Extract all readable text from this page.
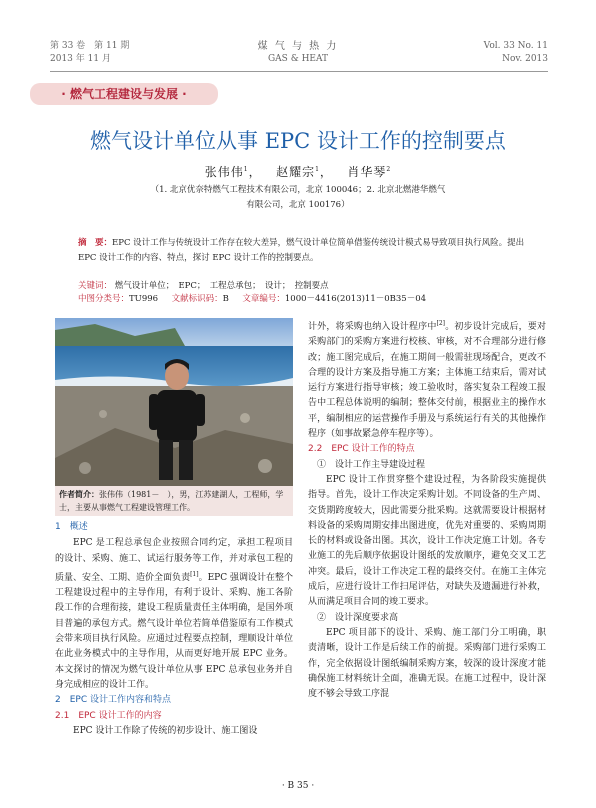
第 33 卷　第 11 期
2013 年 11 月
煤 气 与 热 力
GAS & HEAT
Vol. 33 No. 11
Nov. 2013
· 燃气工程建设与发展 ·
燃气设计单位从事 EPC 设计工作的控制要点
张伟伟$^1$，   赵耀宗$^1$，   肖华琴$^2$
（1. 北京优奈特燃气工程技术有限公司，北京 100046；2. 北京北燃港华燃气
有限公司，北京 100176）
摘　要：EPC 设计工作与传统设计工作存在较大差异，燃气设计单位简单借鉴传统设计模式易导致项目执行风险。提出 EPC 设计工作的内容、特点，探讨 EPC 设计工作的控制要点。
关键词： 燃气设计单位；　EPC；　工程总承包；　设计；　控制要点
中图分类号：TU996 文献标识码：B 文章编号：1000－4416(2013)11－0B35－04
作者简介：张伟伟（1981－　），男，江苏建湖人，工程师，学士，主要从事燃气工程建设管理工作。
1　概述

EPC 是工程总承包企业按照合同约定，承担工程项目的设计、采购、施工、试运行服务等工作，并对承包工程的质量、安全、工期、造价全面负责[1]。EPC 强调设计在整个工程建设过程中的主导作用，有利于设计、采购、施工各阶段工作的合理衔接，建设工程质量责任主体明确，是国外项目普遍的承包方式。燃气设计单位若简单借鉴原有工作模式会带来项目执行风险。应通过过程要点控制，理顺设计单位在此业务模式中的主导作用，从而更好地开展 EPC 业务。本文探讨的情况为燃气设计单位从事 EPC 总承包业务并自身完成相应的设计工作。

2　EPC 设计工作内容和特点
2.1　EPC 设计工作的内容

EPC 设计工作除了传统的初步设计、施工图设

计外，将采购也纳入设计程序中[2]。初步设计完成后，要对采购部门的采购方案进行校核、审核，对不合理部分进行修改；施工图完成后，在施工期间一般需驻现场配合，更改不合理的设计方案及指导施工方案；主体施工结束后，需对试运行方案进行指导审核；竣工验收时，落实复杂工程竣工报告中工程总体说明的编制；整体交付前，根据业主的操作水平，编制相应的运营操作手册及与系统运行有关的其他操作程序（如事故紧急停车程序等）。

2.2　EPC 设计工作的特点

①　设计工作主导建设过程

EPC 设计工作贯穿整个建设过程，为各阶段实施提供指导。首先，设计工作决定采购计划。不同设备的生产周、交货期跨度较大，因此需要分批采购。这就需要设计根据材料设备的采购周期安排出图进度，优先对重要的、采购周期长的材料或设备出图。其次，设计工作决定施工计划。各专业施工的先后顺序依据设计图纸的发放顺序，避免交叉工艺冲突。最后，设计工作决定工程的最终交付。在施工主体完成后，应进行设计工作扫尾评估，对缺失及遗漏进行补救，从而满足项目合同的竣工要求。

②　设计深度要求高

EPC 项目部下的设计、采购、施工部门分工明确，职责清晰，设计工作是后续工作的前提。采购部门进行采购工作，完全依据设计图纸编制采购方案，较深的设计深度才能确保施工材料统计全面，准确无误。在施工过程中，设计深度不够会导致工序混

· B 35 ·
